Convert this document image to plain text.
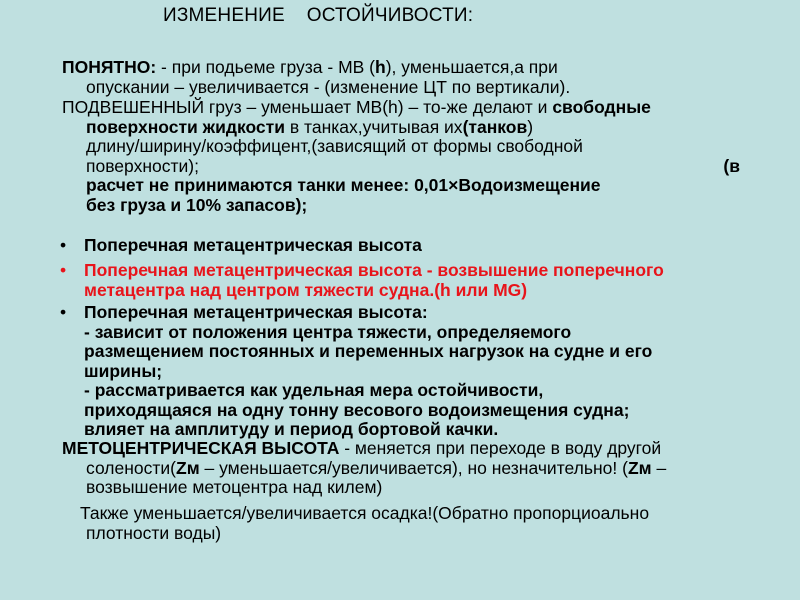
ИЗМЕНЕНИЕ    ОСТОЙЧИВОСТИ:
ПОНЯТНО: - при подьеме груза - МВ (h), уменьшается,а при
опускании – увеличивается - (изменение ЦТ по вертикали).
ПОДВЕШЕННЫЙ груз – уменьшает МВ(h) – то-же делают и свободные
поверхности жидкости в танках,учитывая их(танков)
длину/ширину/коэффицент,(зависящий от формы свободной
поверхности);	(в
расчет не принимаются танки менее: 0,01×Водоизмещение
без груза и 10% запасов);
• Поперечная метацентрическая высота
• Поперечная метацентрическая высота - возвышение поперечного
метацентра над центром тяжести судна.(h или MG)
• Поперечная метацентрическая высота:
- зависит от положения центра тяжести, определяемого
размещением постоянных и переменных нагрузок на судне и его
ширины;
- рассматривается как удельная мера остойчивости,
приходящаяся на одну тонну весового водоизмещения судна;
влияет на амплитуду и период бортовой качки.
МЕТОЦЕНТРИЧЕСКАЯ ВЫСОТА - меняется при переходе в воду другой
солености(Zм – уменьшается/увеличивается), но незначительно! (Zм –
возвышение метоцентра над килем)
Также уменьшается/увеличивается осадка!(Обратно пропорциоально
плотности воды)
